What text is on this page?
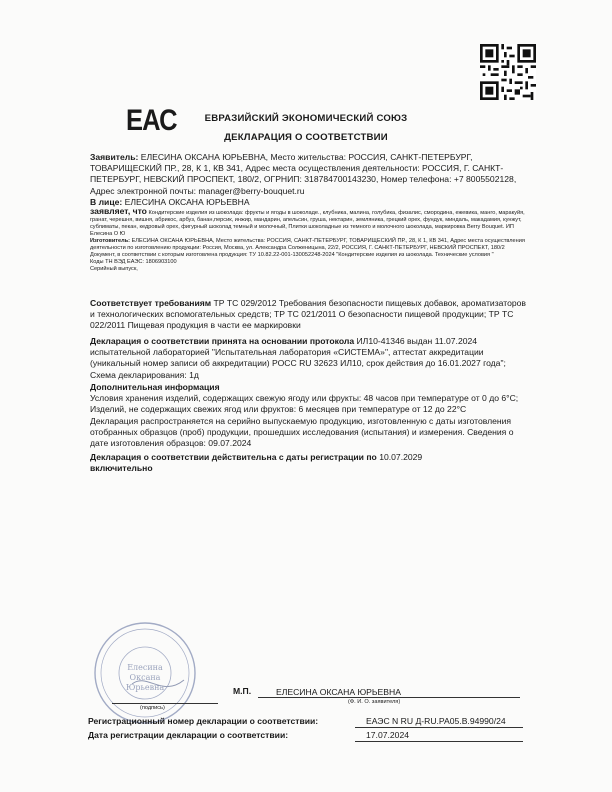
ЕАС	ЕВРАЗИЙСКИЙ ЭКОНОМИЧЕСКИЙ СОЮЗ
ДЕКЛАРАЦИЯ О СООТВЕТСТВИИ

Заявитель: ЕЛЕСИНА ОКСАНА ЮРЬЕВНА, Место жительства: РОССИЯ, САНКТ-ПЕТЕРБУРГ, ТОВАРИЩЕСКИЙ ПР., 28, К 1, КВ 341, Адрес места осуществления деятельности: РОССИЯ, Г. САНКТ-ПЕТЕРБУРГ, НЕВСКИЙ ПРОСПЕКТ, 180/2, ОГРНИП: 318784700143230, Номер телефона: +7 8005502128, Адрес электронной почты: manager@berry-bouquet.ru

В лице: ЕЛЕСИНА ОКСАНА ЮРЬЕВНА

заявляет, что Кондитерские изделия из шоколада: фрукты и ягоды в шоколаде., клубника, малина, голубика, физалис, смородина, ежевика, манго, маракуйя, гранат, черешня, вишня, абрикос, арбуз, банан,персик, инжир, мандарин, апельсин, груша, нектарин, земляника, грецкий орех, фундук, миндаль, макадамия, кунжут, сублиматы, пекан, кедровый орех, фигурный шоколад темный и молочный, Плитки шоколадные из темного и молочного шоколада, маркировка Berry Bouquet. ИП Елесина О Ю

Изготовитель: ЕЛЕСИНА ОКСАНА ЮРЬЕВНА, Место жительства: РОССИЯ, САНКТ-ПЕТЕРБУРГ, ТОВАРИЩЕСКИЙ ПР., 28, К 1, КВ 341, Адрес места осуществления деятельности по изготовлению продукции: Россия, Москва, ул. Александра Солженицына, 22/2, РОССИЯ, Г. САНКТ-ПЕТЕРБУРГ, НЕВСКИЙ ПРОСПЕКТ, 180/2

Документ, в соответствии с которым изготовлена продукция: ТУ 10.82.22-001-130052248-2024 "Кондитерские изделия из шоколада. Технические условия "

Коды ТН ВЭД ЕАЭС: 1806903100

Серийный выпуск,

Соответствует требованиям ТР ТС 029/2012 Требования безопасности пищевых добавок, ароматизаторов и технологических вспомогательных средств; ТР ТС 021/2011 О безопасности пищевой продукции; ТР ТС 022/2011 Пищевая продукция в части ее маркировки

Декларация о соответствии принята на основании протокола ИЛ10-41346 выдан 11.07.2024 испытательной лабораторией "Испытательная лаборатория «СИСТЕМА»", аттестат аккредитации (уникальный номер записи об аккредитации) РОСС RU 32623 ИЛ10, срок действия до 16.01.2027 года"; Схема декларирования: 1д

Дополнительная информация

Условия хранения изделий, содержащих свежую ягоду или фрукты: 48 часов при температуре от 0 до 6°С;

Изделий, не содержащих свежих ягод или фруктов: 6 месяцев при температуре от 12 до 22°С

Декларация распространяется на серийно выпускаемую продукцию, изготовленную с даты изготовления отобранных образцов (проб) продукции, прошедших исследования (испытания) и измерения. Сведения о дате изготовления образцов: 09.07.2024

Декларация о соответствии действительна с даты регистрации по 10.07.2029
включительно

Елесина
Оксана
Юрьевна
(подпись)
М.П.	ЕЛЕСИНА ОКСАНА ЮРЬЕВНА
(Ф. И. О. заявителя)
Регистрационный номер декларации о соответствии:	ЕАЭС N RU Д-RU.PA05.B.94990/24
Дата регистрации декларации о соответствии:	17.07.2024
